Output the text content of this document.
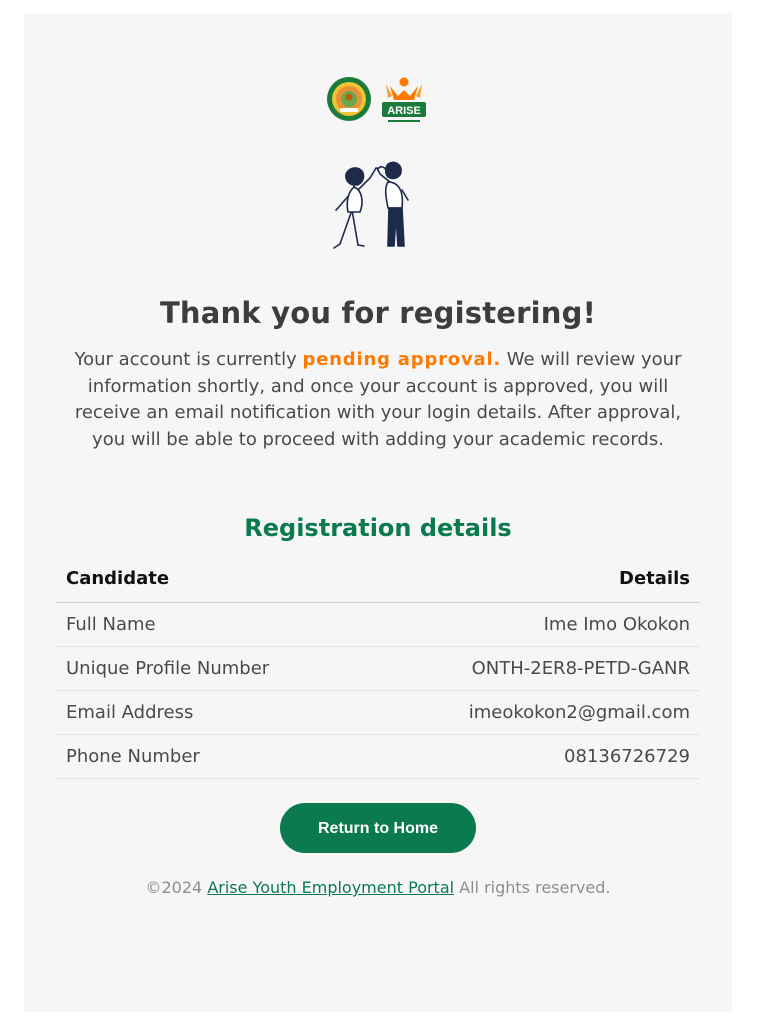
ARISE
Thank you for registering!
Your account is currently pending approval. We will review your information shortly, and once your account is approved, you will receive an email notification with your login details. After approval, you will be able to proceed with adding your academic records.
Registration details
Candidate	Details
Full Name	Ime Imo Okokon
Unique Profile Number	ONTH-2ER8-PETD-GANR
Email Address	imeokokon2@gmail.com
Phone Number	08136726729
Return to Home
©2024 Arise Youth Employment Portal All rights reserved.
